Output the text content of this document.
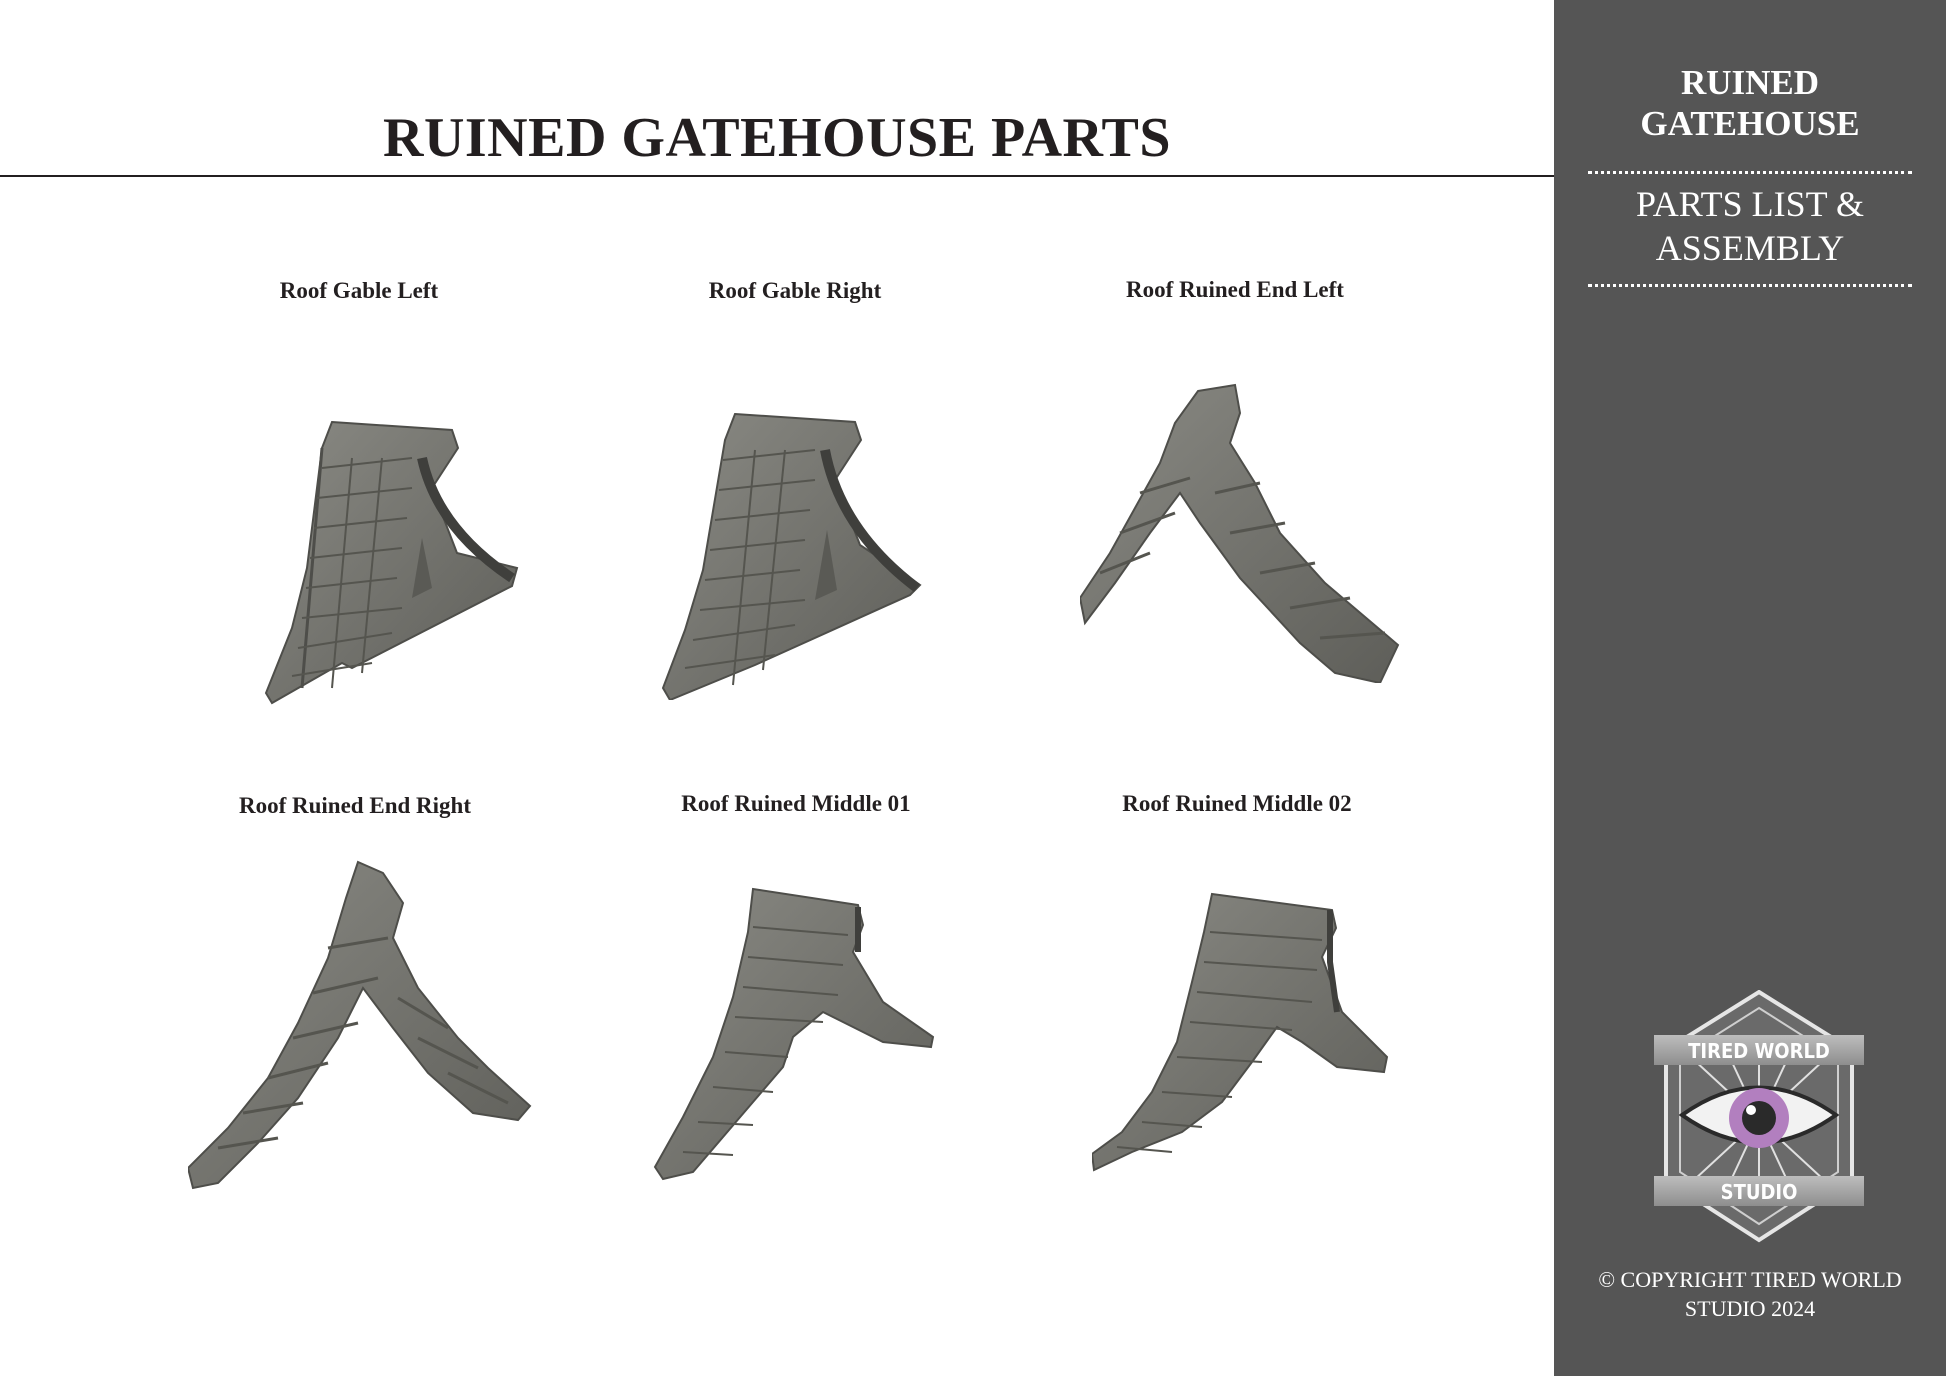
RUINED GATEHOUSE PARTS
Roof Gable Left	Roof Gable Right	Roof Ruined End Left
Roof Ruined End Right	Roof Ruined Middle 01	Roof Ruined Middle 02
RUINED
GATEHOUSE
PARTS LIST &
ASSEMBLY
TIRED WORLD
STUDIO
© COPYRIGHT TIRED WORLD
STUDIO 2024
